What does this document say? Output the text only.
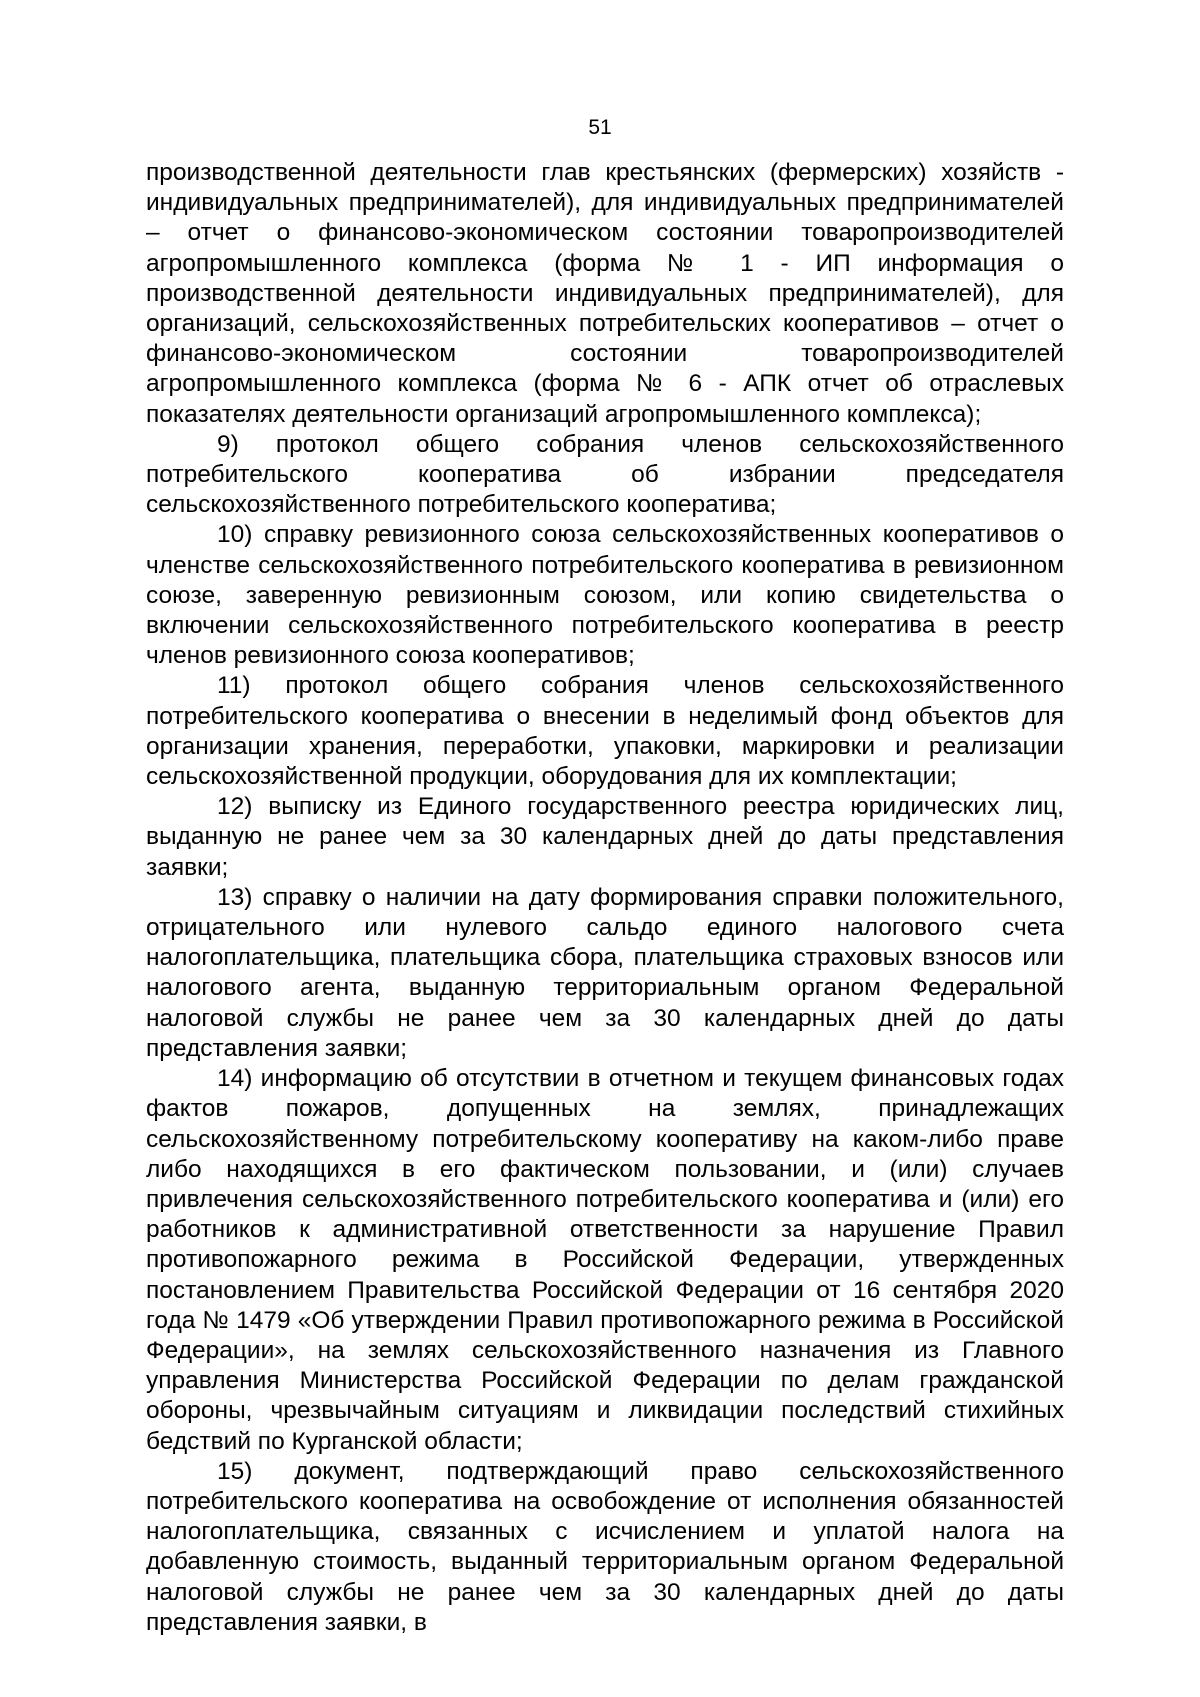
51

производственной деятельности глав крестьянских (фермерских) хозяйств - индивидуальных предпринимателей), для индивидуальных предпринимателей – отчет о финансово-экономическом состоянии товаропроизводителей агропромышленного комплекса (форма № 1 - ИП информация о производственной деятельности индивидуальных предпринимателей), для организаций, сельскохозяйственных потребительских кооперативов – отчет о финансово-экономическом состоянии товаропроизводителей агропромышленного комплекса (форма № 6 - АПК отчет об отраслевых показателях деятельности организаций агропромышленного комплекса);

9) протокол общего собрания членов сельскохозяйственного потребительского кооператива об избрании председателя сельскохозяйственного потребительского кооператива;

10) справку ревизионного союза сельскохозяйственных кооперативов о членстве сельскохозяйственного потребительского кооператива в ревизионном союзе, заверенную ревизионным союзом, или копию свидетельства о включении сельскохозяйственного потребительского кооператива в реестр членов ревизионного союза кооперативов;

11) протокол общего собрания членов сельскохозяйственного потребительского кооператива о внесении в неделимый фонд объектов для организации хранения, переработки, упаковки, маркировки и реализации сельскохозяйственной продукции, оборудования для их комплектации;

12) выписку из Единого государственного реестра юридических лиц, выданную не ранее чем за 30 календарных дней до даты представления заявки;

13) справку о наличии на дату формирования справки положительного, отрицательного или нулевого сальдо единого налогового счета налогоплательщика, плательщика сбора, плательщика страховых взносов или налогового агента, выданную территориальным органом Федеральной налоговой службы не ранее чем за 30 календарных дней до даты представления заявки;

14) информацию об отсутствии в отчетном и текущем финансовых годах фактов пожаров, допущенных на землях, принадлежащих сельскохозяйственному потребительскому кооперативу на каком-либо праве либо находящихся в его фактическом пользовании, и (или) случаев привлечения сельскохозяйственного потребительского кооператива и (или) его работников к административной ответственности за нарушение Правил противопожарного режима в Российской Федерации, утвержденных постановлением Правительства Российской Федерации от 16 сентября 2020 года № 1479 «Об утверждении Правил противопожарного режима в Российской Федерации», на землях сельскохозяйственного назначения из Главного управления Министерства Российской Федерации по делам гражданской обороны, чрезвычайным ситуациям и ликвидации последствий стихийных бедствий по Курганской области;

15) документ, подтверждающий право сельскохозяйственного потребительского кооператива на освобождение от исполнения обязанностей налогоплательщика, связанных с исчислением и уплатой налога на добавленную стоимость, выданный территориальным органом Федеральной налоговой службы не ранее чем за 30 календарных дней до даты представления заявки, в
